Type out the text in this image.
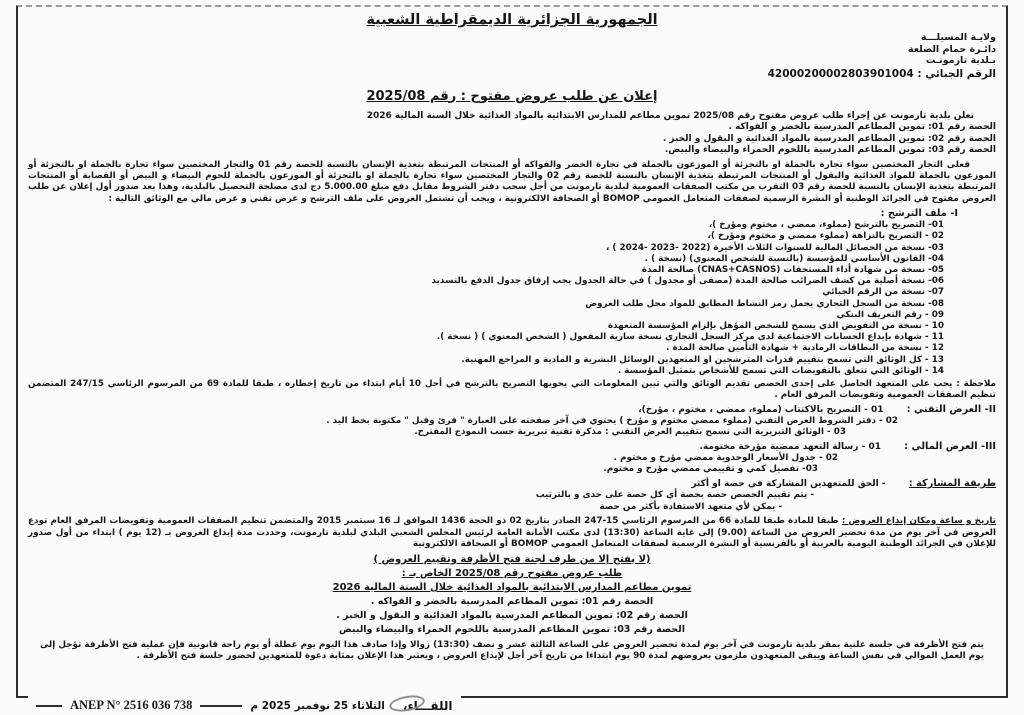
الجمهورية الجزائرية الديمقراطية الشعبية
ولايـة المسيلـــة
دائـرة حمام الضلعة
بـلدية تارمونـت
الرقم الجبائي : 42000200002803901004
إعلان عن طلب عروض مفتوح : رقم 2025/08
تعلن بلدية تارمونت عن إجراء طلب عروض مفتوح رقم 2025/08 تموين مطاعم للمدارس الابتدائية بالمواد الغذائية خلال السنة المالية 2026
الحصة رقم 01: تموين المطاعم المدرسية بالخضر و الفواكه .
الحصة رقم 02: تموين المطاعم المدرسية بالمواد الغذائية و البقول و الخبز .
الحصة رقم 03: تموين المطاعم المدرسية باللحوم الحمراء والبيضاء والبيض.
فعلى التجار المختصين سواء تجارة بالجملة او بالتجزئة أو الموزعون بالجملة في تجارة الخضر والفواكه أو المنتجات المرتبطة بتغذية الإنسان بالنسبة للحصة رقم 01 والتجار المختصين سواء تجارة بالجملة او بالتجزئة أو الموزعون بالجملة للمواد الغذائية والبقول أو المنتجات المرتبطة بتغذية الإنسان بالنسبة للحصة رقم 02 والتجار المختصين سواء تجارة بالجملة او بالتجزئة أو الموزعون بالجملة للحوم البيضاء و البيض أو القصابة أو المنتجات المرتبطة بتغذية الإنسان بالنسبة للحصة رقم 03 التقرب من مكتب الصفقات العمومية لبلدية تارمونت من أجل سحب دفتر الشروط مقابل دفع مبلغ 5.000.00 دج لدى مصلحة التحصيل بالبلدية، وهذا بعد صدور أول إعلان عن طلب العروض مفتوح في الجرائد الوطنية أو النشرة الرسمية لصفقات المتعامل العمومي BOMOP أو الصحافة الالكترونية ، ويجب أن تشتمل العروض على ملف الترشح و عرض تقني و عرض مالي مع الوثائق التالية :
I- ملف الترشح :
01- التصريح بالترشح (مملوء، ممضي ، مختوم ومؤرخ )،
02 - التصريح بالنزاهة (مملوء ممضي و مختوم ومؤرخ )،
03- نسخة من الحصائل المالية للسنوات الثلاث الأخيرة (2022 -2023 -2024 ) ،
04- القانون الأساسي للمؤسسة (بالنسبة للشخص المعنوي) (نسخة ) .
05- نسخة من شهادة أداء المستحقات (CNAS+CASNOS) صالحة المدة
06- نسخة أصلية من كشف الضرائب صالحة المدة (مصفى أو مجدول ) في حالة الجدول يجب إرفاق جدول الدفع بالتسديد
07- نسخة من الرقم الجبائي
08- نسخة من السجل التجاري يحمل رمز النشاط المطابق للمواد محل طلب العروض
09 - رقم التعريف البنكي
10 - نسخة من التفويض الذي يسمح للشخص المؤهل بإلزام المؤسسة المتعهدة
11 - شهادة بإيداع الحسابات الاجتماعية لدى مركز السجل التجاري نسخة سارية المفعول ( الشخص المعنوي ) ( نسخة ).
12 - نسخة من البطاقات الرمادية + شهادة التأمين صالحة المدة .
13 - كل الوثائق التي تسمح بتقييم قدرات المترشحين او المتعهدين الوسائل البشرية و المادية و المراجع المهنية.
14 - الوثائق التي تتعلق بالتفويضات التي تسمح للأشخاص بتمثيل المؤسسة .
ملاحظة : يجب على المتعهد الحاصل على إحدى الحصص تقديم الوثائق والتي تبين المعلومات التي يحويها التصريح بالترشح في أجل 10 أيام ابتداء من تاريخ إخطاره ، طبقا للمادة 69 من المرسوم الرئاسي 247/15 المتضمن تنظيم الصفقات العمومية وتفويضات المرفق العام .
II- العرض التقني : 01 - التصريح بالاكتتاب (مملوء، ممضي ، مختوم ، مؤرخ)،
02 - دفتر الشروط العرض التقني (مملوء ممضي مختوم و مؤرخ ) يحتوي في آخر صفحته على العبارة " قرئ وقبل " مكتوبة بخط اليد .
03 - الوثائق التبريرية التي تسمح بتقييم العرض التقني : مذكرة تقنية تبريرية حسب النموذج المقترح.
III- العرض المالي : 01 - رسالة التعهد ممضية مؤرخة مختومة.
02 - جدول الأسعار الوحدوية ممضي مؤرخ و مختوم .
03- تفصيل كمي و تقييمي ممضي مؤرخ و مختوم.
طريقة المشاركة : - الحق للمتعهدين المشاركة في حصة او أكثر
- يتم تقييم الحصص حصة بحصة أي كل حصة على حدى و بالترتيب
- يمكن لأي متعهد الاستفادة بأكثر من حصة
تاريخ و ساعة ومكان إيداع العروض : طبقا للمادة طبقا للمادة 66 من المرسوم الرئاسي 15-247 الصادر بتاريخ 02 ذو الحجة 1436 الموافق لـ 16 سبتمبر 2015 والمتضمن تنظيم الصفقات العمومية وتفويضات المرفق العام تودع العروض في آخر يوم من مدة تحضير العروض من الساعة (9.00) إلى غاية الساعة (13:30) لدى مكتب الأمانة العامة لرئيس المجلس الشعبي البلدي لبلدية تارمونت، وحددت مدة إيداع العروض بـ (12 يوم ) ابتداء من أول صدور للإعلان في الجرائد الوطنية اليومية بالعربية أو بالفرنسية أو النشرة الرسمية لصفقات المتعامل العمومي BOMOP أو الصحافة الالكترونية
(لا يفتح إلا من طرف لجنة فتح الأظرفة وتقييم العروض )
طلب عروض مفتوح رقم 2025/08 الخاص بـ :
تموين مطاعم المدارس الابتدائية بالمواد الغذائية خلال السنة المالية 2026
الحصة رقم 01: تموين المطاعم المدرسية بالخضر و الفواكه .
الحصة رقم 02: تموين المطاعم المدرسية بالمواد الغذائية و البقول و الخبز .
الحصة رقم 03: تموين المطاعم المدرسية باللحوم الحمراء والبيضاء والبيض
يتم فتح الأظرفة في جلسة علنية بمقر بلدية تارمونت في آخر يوم لمدة تحضير العروض على الساعة الثالثة عشر و نصف (13:30) زوالا وإذا صادف هذا اليوم يوم عطلة أو يوم راحة قانونية فإن عملية فتح الأظرفة تؤجل إلى يوم العمل الموالي في نفس الساعة ويبقى المتعهدون ملزمون بعروضهم لمدة 90 يوم ابتداءا من تاريخ آخر أجل لإيداع العروض ، ويعتبر هذا الإعلان بمثابة دعوة للمتعهدين لحضور جلسة فتح الأظرفة .
ANEP N° 2516 036 738	الثلاثاء 25 نوفمبر 2025 م	اللقـــاء،
